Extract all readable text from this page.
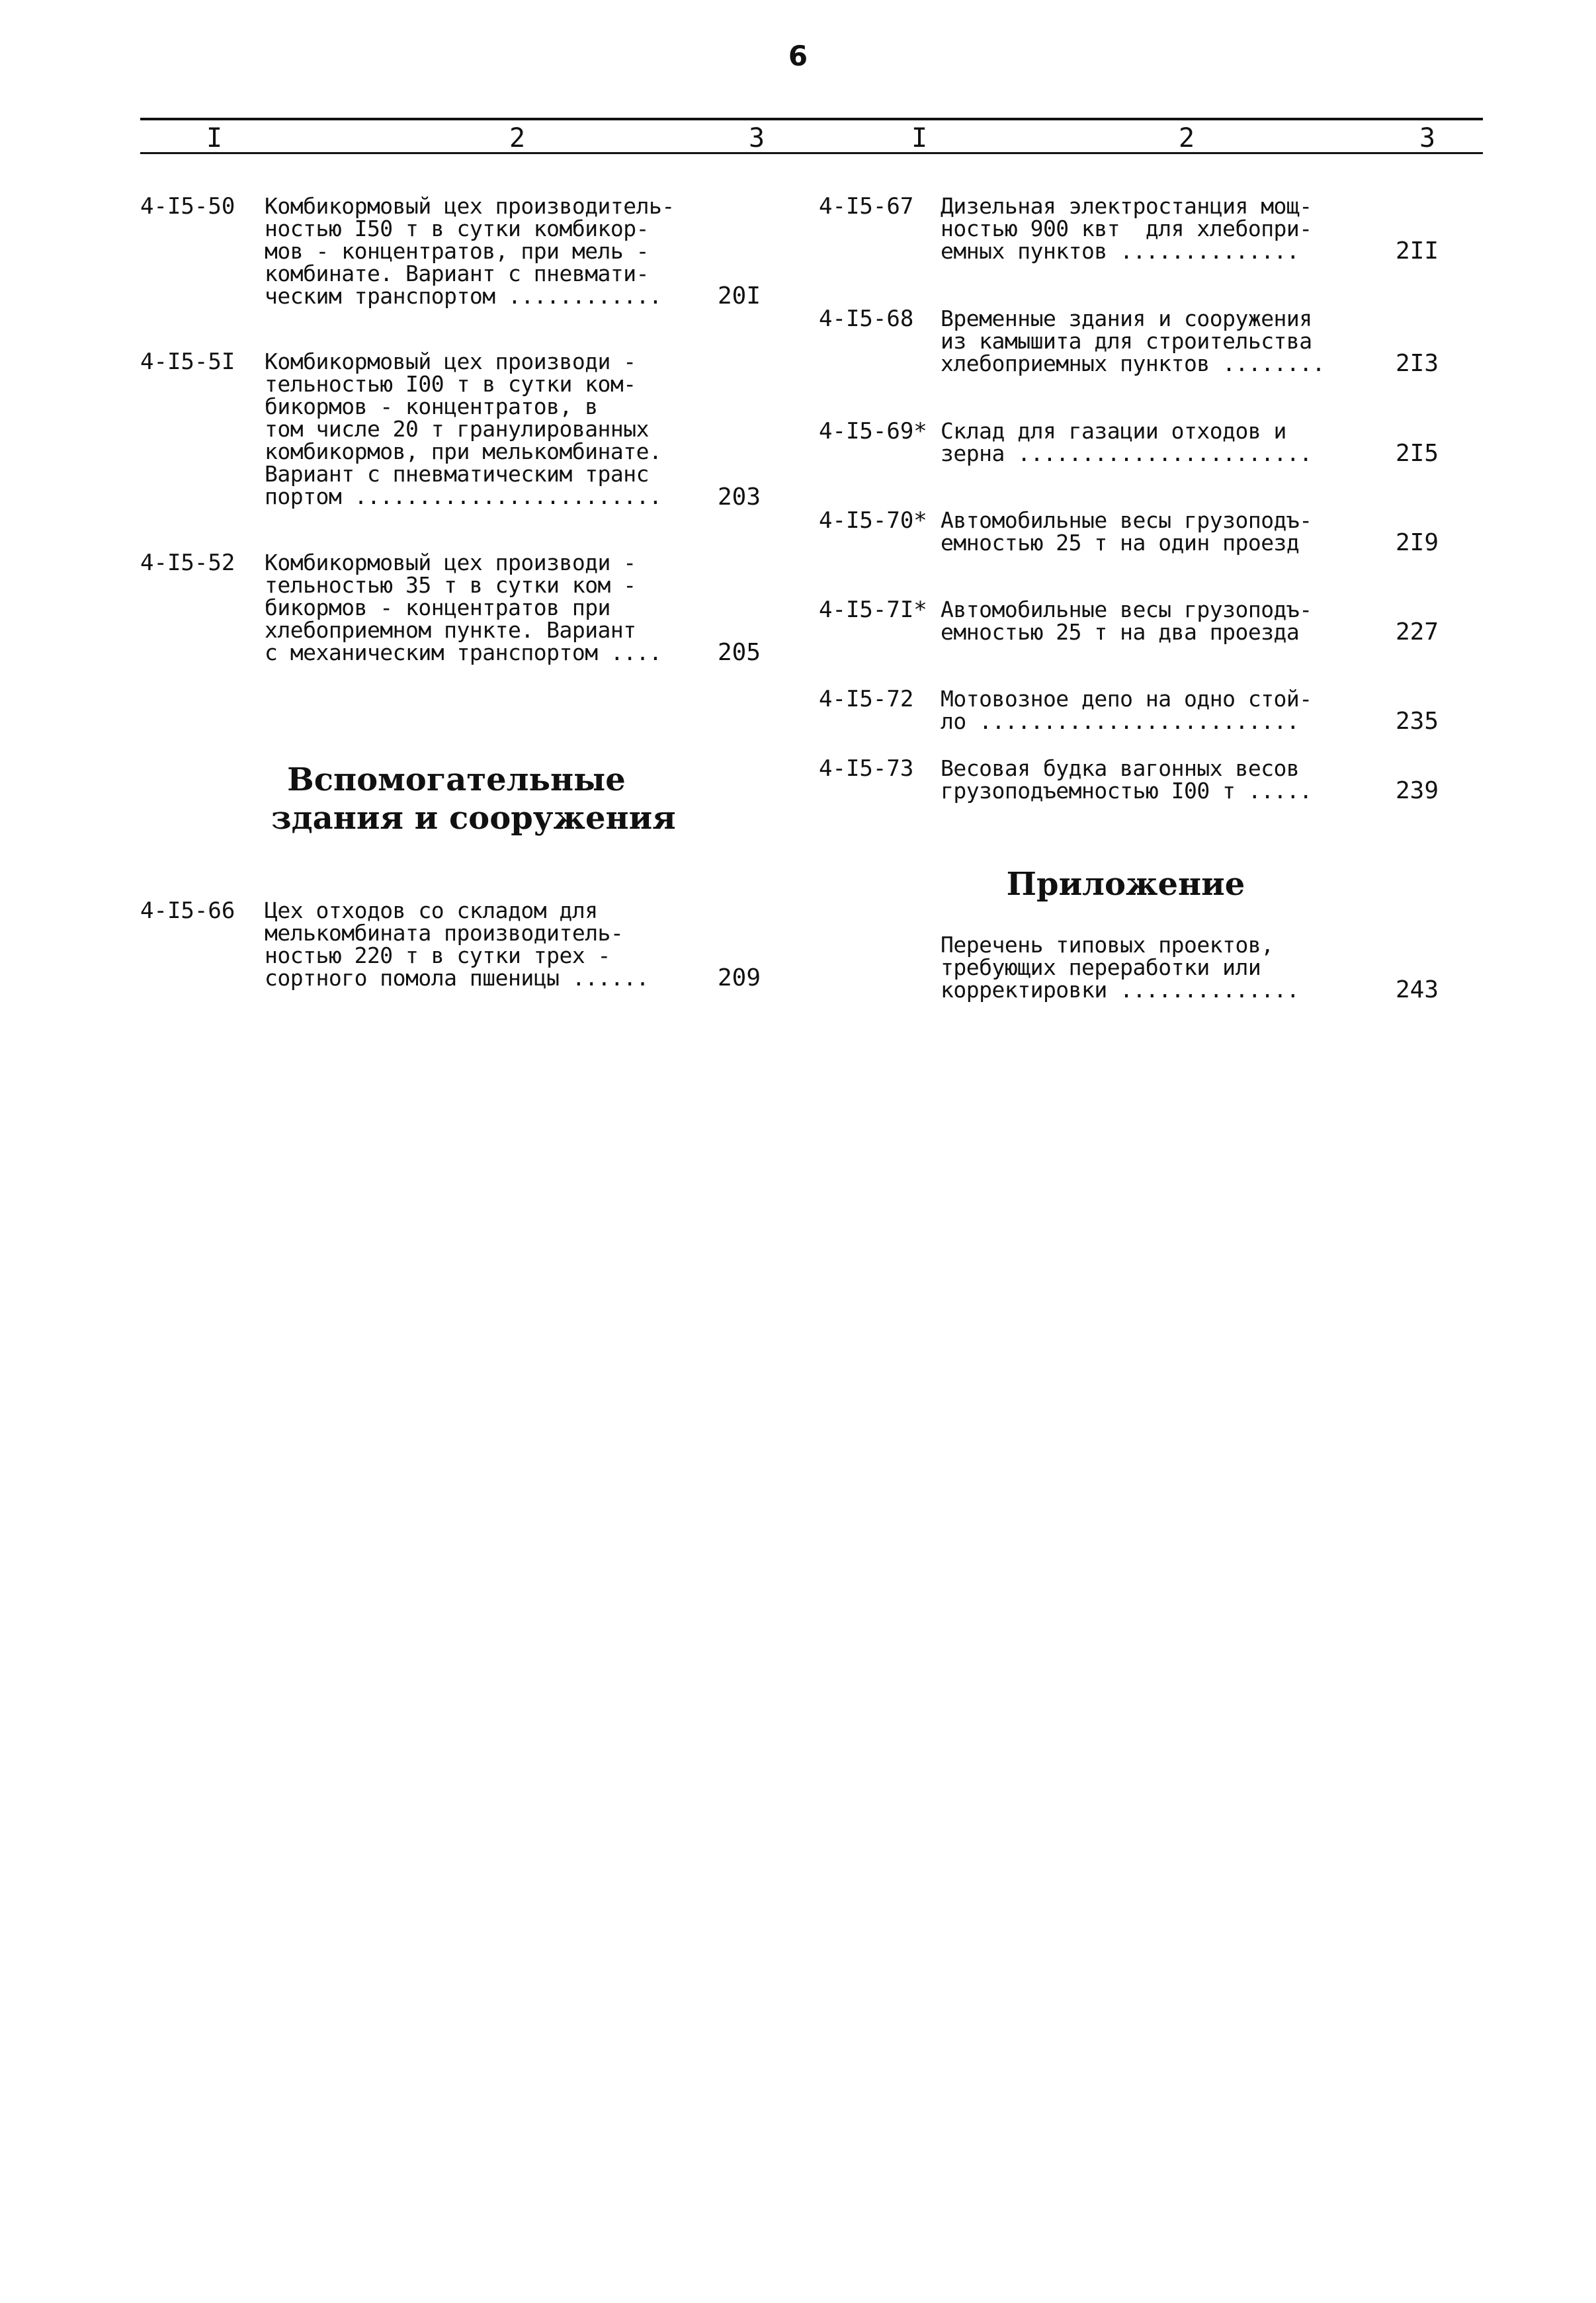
6
I	2	3	I	2	3
4-I5-50 Комбикормовый цех производитель-
ностью I50 т в сутки комбикор-
мов - концентратов, при мель -
комбинате. Вариант с пневмати-
ческим транспортом ............	20I
4-I5-5I Комбикормовый цех производи -
тельностью I00 т в сутки ком-
бикормов - концентратов, в
том числе 20 т гранулированных
комбикормов, при мелькомбинате.
Вариант с пневматическим транс
портом ........................	203
4-I5-52 Комбикормовый цех производи -
тельностью 35 т в сутки ком -
бикормов - концентратов при
хлебоприемном пункте. Вариант
с механическим транспортом ....	205
Вспомогательные
здания и сооружения
4-I5-66 Цех отходов со складом для
мелькомбината производитель-
ностью 220 т в сутки трех -
сортного помола пшеницы ......	209
4-I5-67 Дизельная электростанция мощ-
ностью 900 квт  для хлебопри-
емных пунктов ..............	2II
4-I5-68 Временные здания и сооружения
из камышита для строительства
хлебоприемных пунктов ........	2I3
4-I5-69* Склад для газации отходов и
зерна .......................	2I5
4-I5-70* Автомобильные весы грузоподъ-
емностью 25 т на один проезд	2I9
4-I5-7I* Автомобильные весы грузоподъ-
емностью 25 т на два проезда	227
4-I5-72 Мотовозное депо на одно стой-
ло .........................	235
4-I5-73 Весовая будка вагонных весов
грузоподъемностью I00 т .....	239
Приложение
Перечень типовых проектов,
требующих переработки или
корректировки ..............	243
